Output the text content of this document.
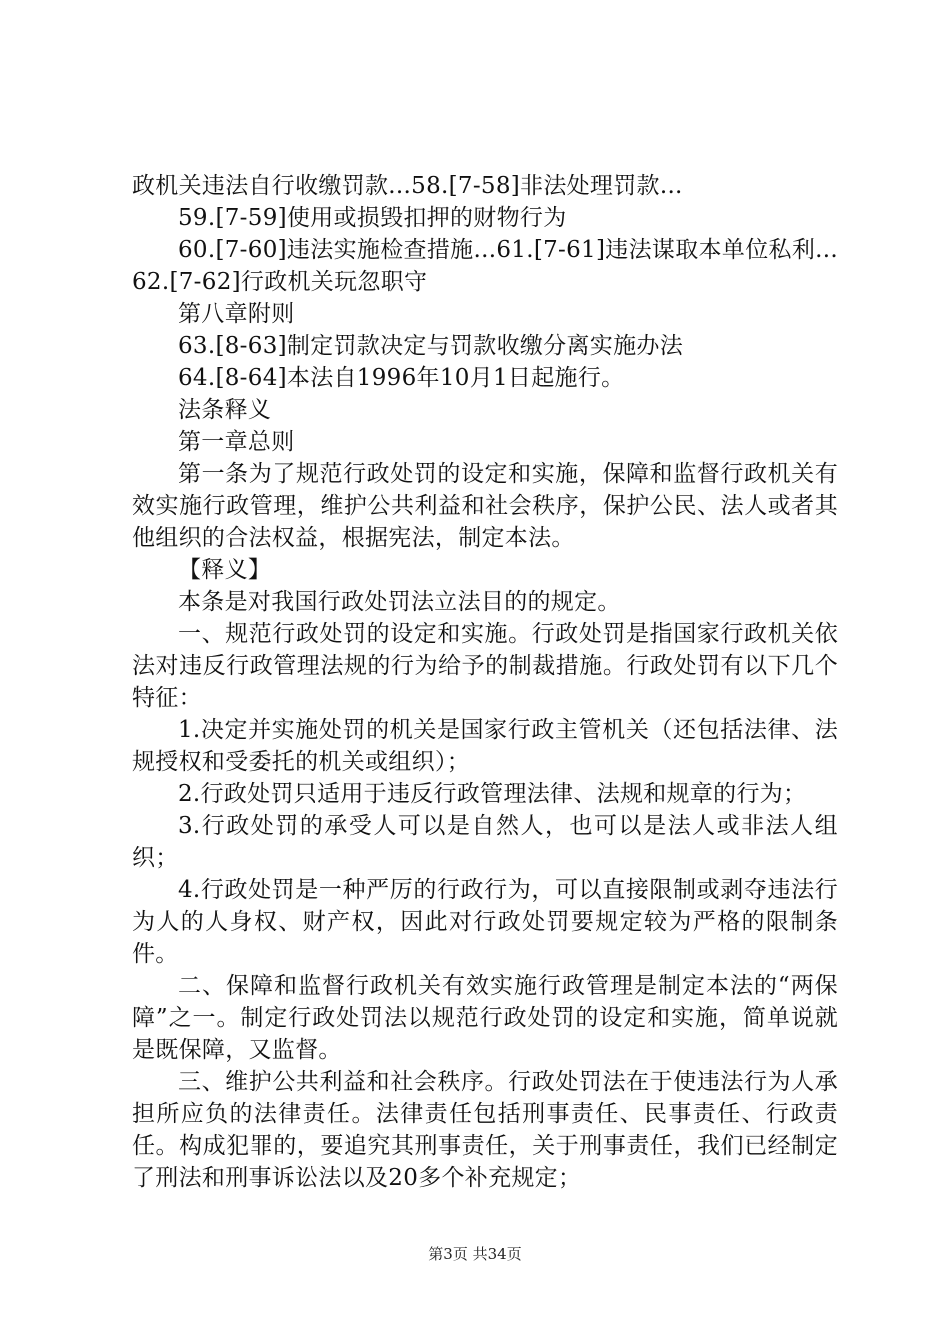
政机关违法自行收缴罚款...58.[7-58]非法处理罚款...

59.[7-59]使用或损毁扣押的财物行为

60.[7-60]违法实施检查措施...61.[7-61]违法谋取本单位私利...62.[7-62]行政机关玩忽职守

第八章附则

63.[8-63]制定罚款决定与罚款收缴分离实施办法

64.[8-64]本法自1996年10月1日起施行。

法条释义

第一章总则

第一条为了规范行政处罚的设定和实施，保障和监督行政机关有效实施行政管理，维护公共利益和社会秩序，保护公民、法人或者其他组织的合法权益，根据宪法，制定本法。

【释义】

本条是对我国行政处罚法立法目的的规定。

一、规范行政处罚的设定和实施。行政处罚是指国家行政机关依法对违反行政管理法规的行为给予的制裁措施。行政处罚有以下几个特征：

1.决定并实施处罚的机关是国家行政主管机关（还包括法律、法规授权和受委托的机关或组织）；

2.行政处罚只适用于违反行政管理法律、法规和规章的行为；

3.行政处罚的承受人可以是自然人，也可以是法人或非法人组织；

4.行政处罚是一种严厉的行政行为，可以直接限制或剥夺违法行为人的人身权、财产权，因此对行政处罚要规定较为严格的限制条件。

二、保障和监督行政机关有效实施行政管理是制定本法的“两保障”之一。制定行政处罚法以规范行政处罚的设定和实施，简单说就是既保障，又监督。

三、维护公共利益和社会秩序。行政处罚法在于使违法行为人承担所应负的法律责任。法律责任包括刑事责任、民事责任、行政责任。构成犯罪的，要追究其刑事责任，关于刑事责任，我们已经制定了刑法和刑事诉讼法以及20多个补充规定；

第3页 共34页
